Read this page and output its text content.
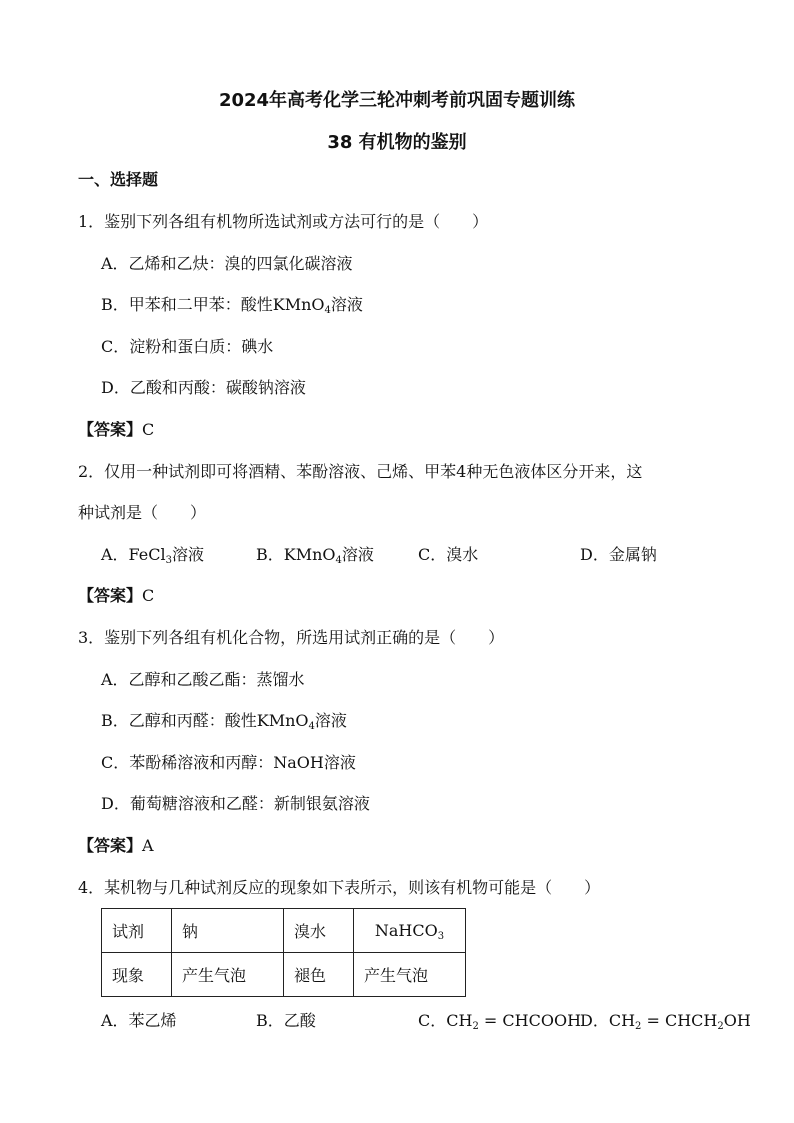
2024年高考化学三轮冲刺考前巩固专题训练
38 有机物的鉴别
一、选择题
1．鉴别下列各组有机物所选试剂或方法可行的是（　　）
A．乙烯和乙炔：溴的四氯化碳溶液
B．甲苯和二甲苯：酸性KMnO$_4$溶液
C．淀粉和蛋白质：碘水
D．乙酸和丙酸：碳酸钠溶液
【答案】C
2．仅用一种试剂即可将酒精、苯酚溶液、己烯、甲苯4种无色液体区分开来，这
种试剂是（　　）
A．FeCl$_3$溶液	B．KMnO$_4$溶液	C．溴水	D．金属钠
【答案】C
3．鉴别下列各组有机化合物，所选用试剂正确的是（　　）
A．乙醇和乙酸乙酯：蒸馏水
B．乙醇和丙醛：酸性KMnO$_4$溶液
C．苯酚稀溶液和丙醇：NaOH溶液
D．葡萄糖溶液和乙醛：新制银氨溶液
【答案】A
4．某机物与几种试剂反应的现象如下表所示，则该有机物可能是（　　）
试剂	钠	溴水	NaHCO$_3$
现象	产生气泡	褪色	产生气泡
A．苯乙烯	B．乙酸	C．$CH_2$ = CHCOOH
D．$CH_2$ = $CHCH_2OH$
